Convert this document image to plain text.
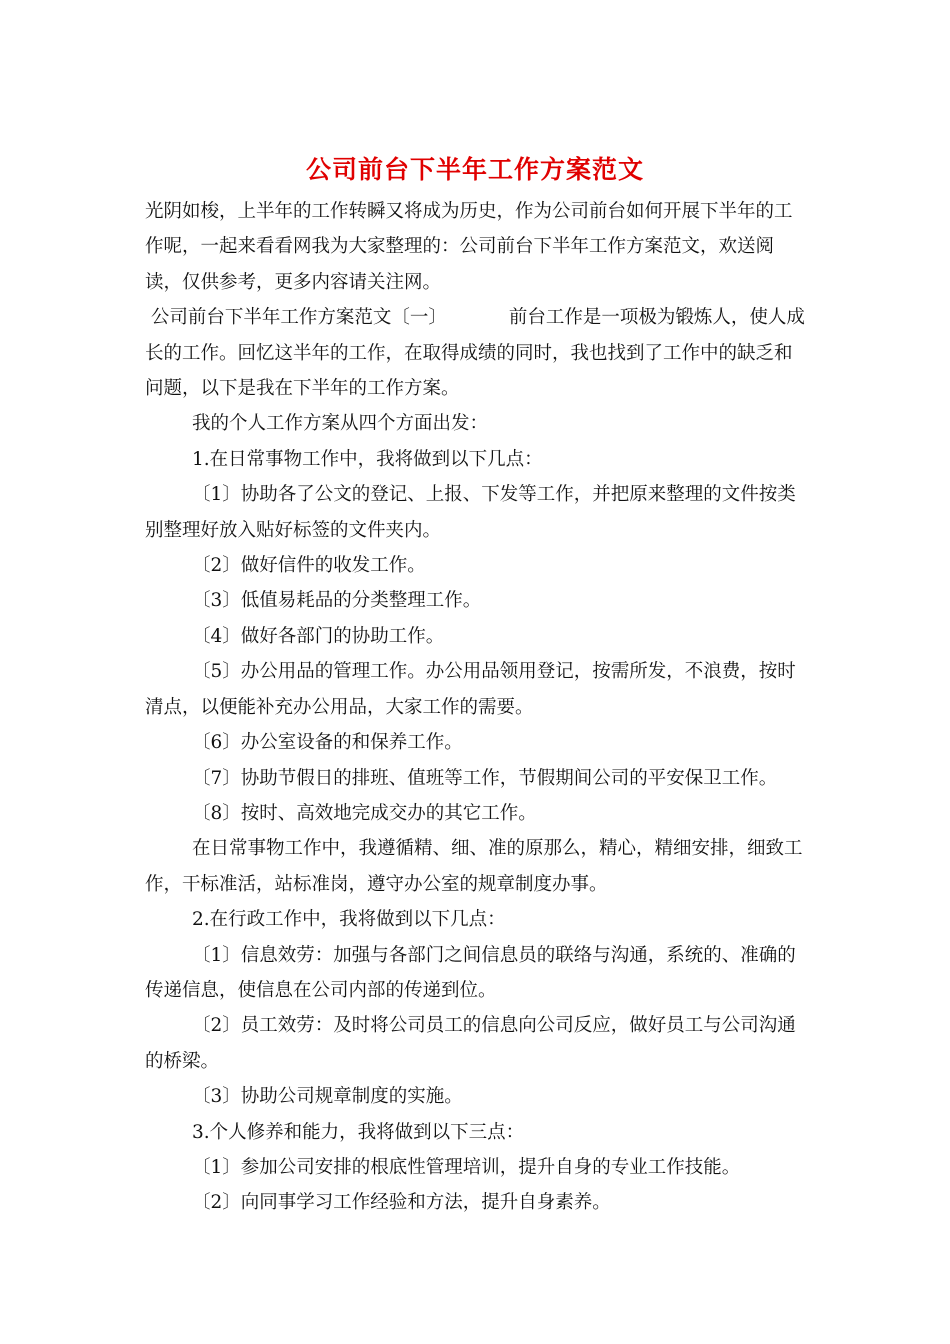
公司前台下半年工作方案范文

光阴如梭，上半年的工作转瞬又将成为历史，作为公司前台如何开展下半年的工作呢，一起来看看网我为大家整理的：公司前台下半年工作方案范文，欢送阅读，仅供参考，更多内容请关注网。

公司前台下半年工作方案范文〔一〕	前台工作是一项极为锻炼人，使人成长的工作。回忆这半年的工作，在取得成绩的同时，我也找到了工作中的缺乏和问题，以下是我在下半年的工作方案。

我的个人工作方案从四个方面出发：

1.在日常事物工作中，我将做到以下几点：

〔1〕协助各了公文的登记、上报、下发等工作，并把原来整理的文件按类别整理好放入贴好标签的文件夹内。

〔2〕做好信件的收发工作。

〔3〕低值易耗品的分类整理工作。

〔4〕做好各部门的协助工作。

〔5〕办公用品的管理工作。办公用品领用登记，按需所发，不浪费，按时清点，以便能补充办公用品，大家工作的需要。

〔6〕办公室设备的和保养工作。

〔7〕协助节假日的排班、值班等工作，节假期间公司的平安保卫工作。

〔8〕按时、高效地完成交办的其它工作。

在日常事物工作中，我遵循精、细、准的原那么，精心，精细安排，细致工作，干标准活，站标准岗，遵守办公室的规章制度办事。

2.在行政工作中，我将做到以下几点：

〔1〕信息效劳：加强与各部门之间信息员的联络与沟通，系统的、准确的传递信息，使信息在公司内部的传递到位。

〔2〕员工效劳：及时将公司员工的信息向公司反应，做好员工与公司沟通的桥梁。

〔3〕协助公司规章制度的实施。

3.个人修养和能力，我将做到以下三点：

〔1〕参加公司安排的根底性管理培训，提升自身的专业工作技能。

〔2〕向同事学习工作经验和方法，提升自身素养。
